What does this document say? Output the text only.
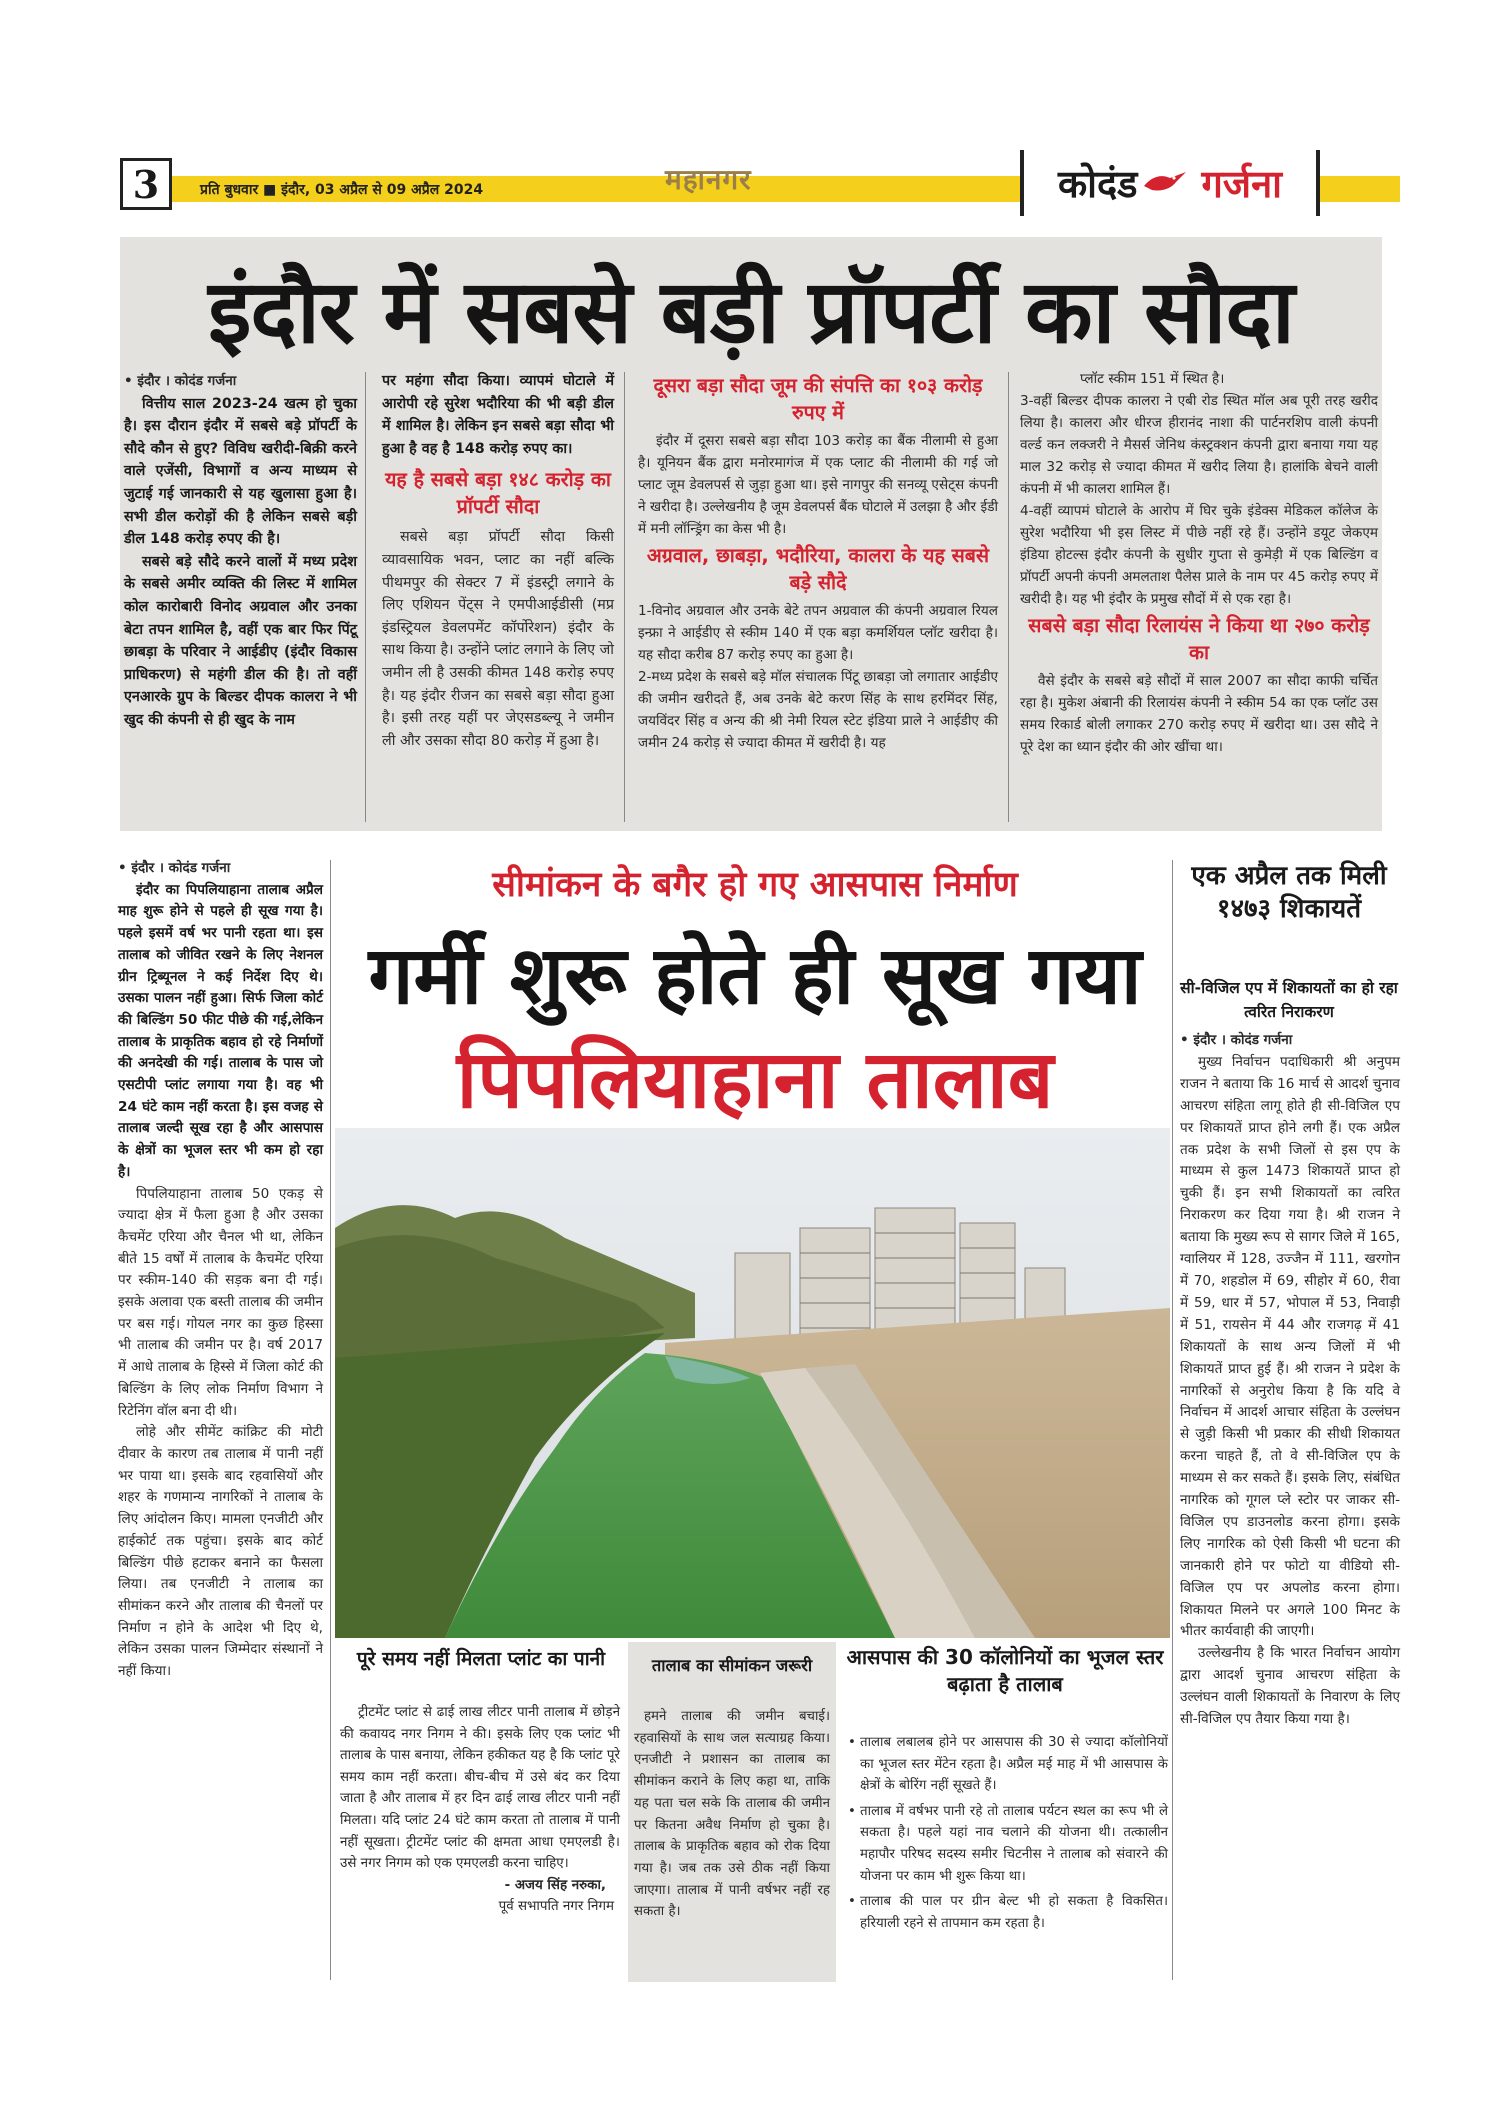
3	प्रति बुधवार ■ इंदौर, 03 अप्रैल से 09 अप्रैल 2024	महानगर	कोदंड गर्जना
इंदौर में सबसे बड़ी प्रॉपर्टी का सौदा
• इंदौर । कोदंड गर्जना

वित्तीय साल 2023-24 खत्म हो चुका है। इस दौरान इंदौर में सबसे बड़े प्रॉपर्टी के सौदे कौन से हुए? विविध खरीदी-बिक्री करने वाले एजेंसी, विभागों व अन्य माध्यम से जुटाई गई जानकारी से यह खुलासा हुआ है। सभी डील करोड़ों की है लेकिन सबसे बड़ी डील 148 करोड़ रुपए की है।

सबसे बड़े सौदे करने वालों में मध्य प्रदेश के सबसे अमीर व्यक्ति की लिस्ट में शामिल कोल कारोबारी विनोद अग्रवाल और उनका बेटा तपन शामिल है, वहीं एक बार फिर पिंटू छाबड़ा के परिवार ने आईडीए (इंदौर विकास प्राधिकरण) से महंगी डील की है। तो वहीं एनआरके ग्रुप के बिल्डर दीपक कालरा ने भी खुद की कंपनी से ही खुद के नाम

पर महंगा सौदा किया। व्यापमं घोटाले में आरोपी रहे सुरेश भदौरिया की भी बड़ी डील में शामिल है। लेकिन इन सबसे बड़ा सौदा भी हुआ है वह है 148 करोड़ रुपए का।

यह है सबसे बड़ा १४८ करोड़ का प्रॉपर्टी सौदा

सबसे बड़ा प्रॉपर्टी सौदा किसी व्यावसायिक भवन, प्लाट का नहीं बल्कि पीथमपुर की सेक्टर 7 में इंडस्ट्री लगाने के लिए एशियन पेंट्स ने एमपीआईडीसी (मप्र इंडस्ट्रियल डेवलपमेंट कॉर्पोरेशन) इंदौर के साथ किया है। उन्होंने प्लांट लगाने के लिए जो जमीन ली है उसकी कीमत 148 करोड़ रुपए है। यह इंदौर रीजन का सबसे बड़ा सौदा हुआ है। इसी तरह यहीं पर जेएसडब्ल्यू ने जमीन ली और उसका सौदा 80 करोड़ में हुआ है।

दूसरा बड़ा सौदा जूम की संपत्ति का १०३ करोड़ रुपए में

इंदौर में दूसरा सबसे बड़ा सौदा 103 करोड़ का बैंक नीलामी से हुआ है। यूनियन बैंक द्वारा मनोरमागंज में एक प्लाट की नीलामी की गई जो प्लाट जूम डेवलपर्स से जुड़ा हुआ था। इसे नागपुर की सनव्यू एसेट्स कंपनी ने खरीदा है। उल्लेखनीय है जूम डेवलपर्स बैंक घोटाले में उलझा है और ईडी में मनी लॉन्ड्रिंग का केस भी है।

अग्रवाल, छाबड़ा, भदौरिया, कालरा के यह सबसे बड़े सौदे

1-विनोद अग्रवाल और उनके बेटे तपन अग्रवाल की कंपनी अग्रवाल रियल इन्फ्रा ने आईडीए से स्कीम 140 में एक बड़ा कमर्शियल प्लॉट खरीदा है। यह सौदा करीब 87 करोड़ रुपए का हुआ है।

2-मध्य प्रदेश के सबसे बड़े मॉल संचालक पिंटू छाबड़ा जो लगातार आईडीए की जमीन खरीदते हैं, अब उनके बेटे करण सिंह के साथ हरमिंदर सिंह, जयविंदर सिंह व अन्य की श्री नेमी रियल स्टेट इंडिया प्राले ने आईडीए की जमीन 24 करोड़ से ज्यादा कीमत में खरीदी है। यह

प्लॉट स्कीम 151 में स्थित है।

3-वहीं बिल्डर दीपक कालरा ने एबी रोड स्थित मॉल अब पूरी तरह खरीद लिया है। कालरा और धीरज हीरानंद नाशा की पार्टनरशिप वाली कंपनी वर्ल्ड कन लक्जरी ने मैसर्स जेनिथ कंस्ट्रक्शन कंपनी द्वारा बनाया गया यह माल 32 करोड़ से ज्यादा कीमत में खरीद लिया है। हालांकि बेचने वाली कंपनी में भी कालरा शामिल हैं।

4-वहीं व्यापमं घोटाले के आरोप में घिर चुके इंडेक्स मेडिकल कॉलेज के सुरेश भदौरिया भी इस लिस्ट में पीछे नहीं रहे हैं। उन्होंने डयूट जेकएम इंडिया होटल्स इंदौर कंपनी के सुधीर गुप्ता से कुमेड़ी में एक बिल्डिंग व प्रॉपर्टी अपनी कंपनी अमलताश पैलेस प्राले के नाम पर 45 करोड़ रुपए में खरीदी है। यह भी इंदौर के प्रमुख सौदों में से एक रहा है।

सबसे बड़ा सौदा रिलायंस ने किया था २७० करोड़ का

वैसे इंदौर के सबसे बड़े सौदों में साल 2007 का सौदा काफी चर्चित रहा है। मुकेश अंबानी की रिलायंस कंपनी ने स्कीम 54 का एक प्लॉट उस समय रिकार्ड बोली लगाकर 270 करोड़ रुपए में खरीदा था। उस सौदे ने पूरे देश का ध्यान इंदौर की ओर खींचा था।

• इंदौर । कोदंड गर्जना

इंदौर का पिपलियाहाना तालाब अप्रैल माह शुरू होने से पहले ही सूख गया है। पहले इसमें वर्ष भर पानी रहता था। इस तालाब को जीवित रखने के लिए नेशनल ग्रीन ट्रिब्यूनल ने कई निर्देश दिए थे। उसका पालन नहीं हुआ। सिर्फ जिला कोर्ट की बिल्डिंग 50 फीट पीछे की गई,लेकिन तालाब के प्राकृतिक बहाव हो रहे निर्माणों की अनदेखी की गई। तालाब के पास जो एसटीपी प्लांट लगाया गया है। वह भी 24 घंटे काम नहीं करता है। इस वजह से तालाब जल्दी सूख रहा है और आसपास के क्षेत्रों का भूजल स्तर भी कम हो रहा है।

पिपलियाहाना तालाब 50 एकड़ से ज्यादा क्षेत्र में फैला हुआ है और उसका कैचमेंट एरिया और चैनल भी था, लेकिन बीते 15 वर्षों में तालाब के कैचमेंट एरिया पर स्कीम-140 की सड़क बना दी गई। इसके अलावा एक बस्ती तालाब की जमीन पर बस गई। गोयल नगर का कुछ हिस्सा भी तालाब की जमीन पर है। वर्ष 2017 में आधे तालाब के हिस्से में जिला कोर्ट की बिल्डिंग के लिए लोक निर्माण विभाग ने रिटेनिंग वॉल बना दी थी।

लोहे और सीमेंट कांक्रिट की मोटी दीवार के कारण तब तालाब में पानी नहीं भर पाया था। इसके बाद रहवासियों और शहर के गणमान्य नागरिकों ने तालाब के लिए आंदोलन किए। मामला एनजीटी और हाईकोर्ट तक पहुंचा। इसके बाद कोर्ट बिल्डिंग पीछे हटाकर बनाने का फैसला लिया। तब एनजीटी ने तालाब का सीमांकन करने और तालाब की चैनलों पर निर्माण न होने के आदेश भी दिए थे, लेकिन उसका पालन जिम्मेदार संस्थानों ने नहीं किया।

सीमांकन के बगैर हो गए आसपास निर्माण
गर्मी शुरू होते ही सूख गया
पिपलियाहाना तालाब
एक अप्रैल तक मिली १४७३ शिकायतें
सी-विजिल एप में शिकायतों का हो रहा त्वरित निराकरण
• इंदौर । कोदंड गर्जना

मुख्य निर्वाचन पदाधिकारी श्री अनुपम राजन ने बताया कि 16 मार्च से आदर्श चुनाव आचरण संहिता लागू होते ही सी-विजिल एप पर शिकायतें प्राप्त होने लगी हैं। एक अप्रैल तक प्रदेश के सभी जिलों से इस एप के माध्यम से कुल 1473 शिकायतें प्राप्त हो चुकी हैं। इन सभी शिकायतों का त्वरित निराकरण कर दिया गया है। श्री राजन ने बताया कि मुख्य रूप से सागर जिले में 165, ग्वालियर में 128, उज्जैन में 111, खरगोन में 70, शहडोल में 69, सीहोर में 60, रीवा में 59, धार में 57, भोपाल में 53, निवाड़ी में 51, रायसेन में 44 और राजगढ़ में 41 शिकायतों के साथ अन्य जिलों में भी शिकायतें प्राप्त हुई हैं। श्री राजन ने प्रदेश के नागरिकों से अनुरोध किया है कि यदि वे निर्वाचन में आदर्श आचार संहिता के उल्लंघन से जुड़ी किसी भी प्रकार की सीधी शिकायत करना चाहते हैं, तो वे सी-विजिल एप के माध्यम से कर सकते हैं। इसके लिए, संबंधित नागरिक को गूगल प्ले स्टोर पर जाकर सी-विजिल एप डाउनलोड करना होगा। इसके लिए नागरिक को ऐसी किसी भी घटना की जानकारी होने पर फोटो या वीडियो सी-विजिल एप पर अपलोड करना होगा। शिकायत मिलने पर अगले 100 मिनट के भीतर कार्यवाही की जाएगी।

उल्लेखनीय है कि भारत निर्वाचन आयोग द्वारा आदर्श चुनाव आचरण संहिता के उल्लंघन वाली शिकायतों के निवारण के लिए सी-विजिल एप तैयार किया गया है।

पूरे समय नहीं मिलता प्लांट का पानी

ट्रीटमेंट प्लांट से ढाई लाख लीटर पानी तालाब में छोड़ने की कवायद नगर निगम ने की। इसके लिए एक प्लांट भी तालाब के पास बनाया, लेकिन हकीकत यह है कि प्लांट पूरे समय काम नहीं करता। बीच-बीच में उसे बंद कर दिया जाता है और तालाब में हर दिन ढाई लाख लीटर पानी नहीं मिलता। यदि प्लांट 24 घंटे काम करता तो तालाब में पानी नहीं सूखता। ट्रीटमेंट प्लांट की क्षमता आधा एमएलडी है। उसे नगर निगम को एक एमएलडी करना चाहिए।

- अजय सिंह नरुका,
पूर्व सभापति नगर निगम
तालाब का सीमांकन जरूरी

हमने तालाब की जमीन बचाई। रहवासियों के साथ जल सत्याग्रह किया। एनजीटी ने प्रशासन का तालाब का सीमांकन कराने के लिए कहा था, ताकि यह पता चल सके कि तालाब की जमीन पर कितना अवैध निर्माण हो चुका है। तालाब के प्राकृतिक बहाव को रोक दिया गया है। जब तक उसे ठीक नहीं किया जाएगा। तालाब में पानी वर्षभर नहीं रह सकता है।

आसपास की 30 कॉलोनियों का भूजल स्तर बढ़ाता है तालाब
• तालाब लबालब होने पर आसपास की 30 से ज्यादा कॉलोनियों का भूजल स्तर मेंटेन रहता है। अप्रैल मई माह में भी आसपास के क्षेत्रों के बोरिंग नहीं सूखते हैं।
• तालाब में वर्षभर पानी रहे तो तालाब पर्यटन स्थल का रूप भी ले सकता है। पहले यहां नाव चलाने की योजना थी। तत्कालीन महापौर परिषद सदस्य समीर चिटनीस ने तालाब को संवारने की योजना पर काम भी शुरू किया था।
• तालाब की पाल पर ग्रीन बेल्ट भी हो सकता है विकसित। हरियाली रहने से तापमान कम रहता है।
